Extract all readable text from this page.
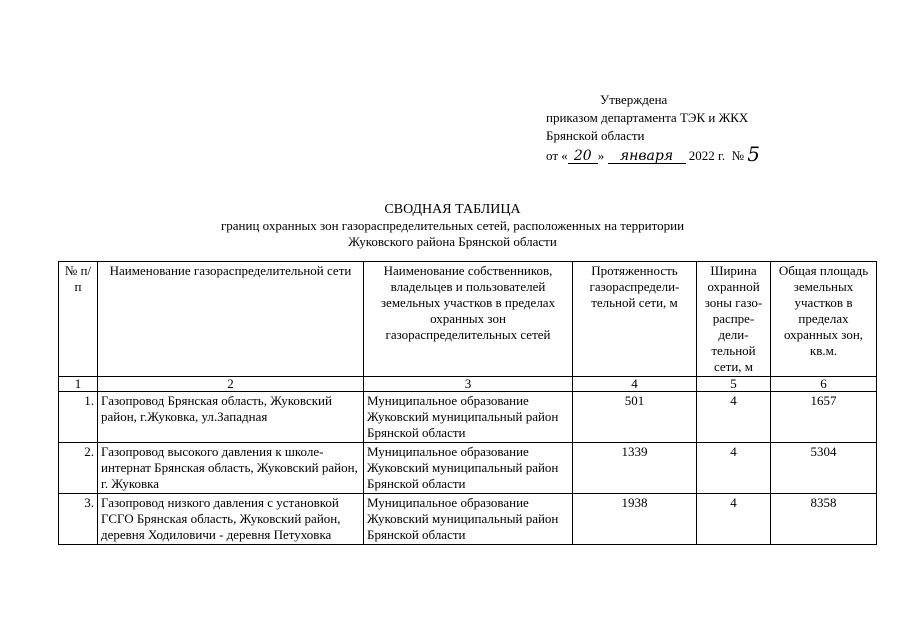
Утверждена
приказом департамента ТЭК и ЖКХ
Брянской области
от « 20 » января 2022 г. № 5
СВОДНАЯ ТАБЛИЦА
границ охранных зон газораспределительных сетей, расположенных на территории
Жуковского района Брянской области
№ п/п	Наименование газораспределительной сети	Наименование собственников, владельцев и пользователей земельных участков в пределах охранных зон газораспределительных сетей	Протяженность газораспредели-тельной сети, м	Ширина охранной зоны газо-распре-дели-тельной сети, м	Общая площадь земельных участков в пределах охранных зон, кв.м.
1	2	3	4	5	6
1.	Газопровод Брянская область, Жуковский район, г.Жуковка, ул.Западная	Муниципальное образование Жуковский муниципальный район Брянской области	501	4	1657
2.	Газопровод высокого давления к школе-интернат Брянская область, Жуковский район, г. Жуковка	Муниципальное образование Жуковский муниципальный район Брянской области	1339	4	5304
3.	Газопровод низкого давления с установкой ГСГО Брянская область, Жуковский район, деревня Ходиловичи - деревня Петуховка	Муниципальное образование Жуковский муниципальный район Брянской области	1938	4	8358
